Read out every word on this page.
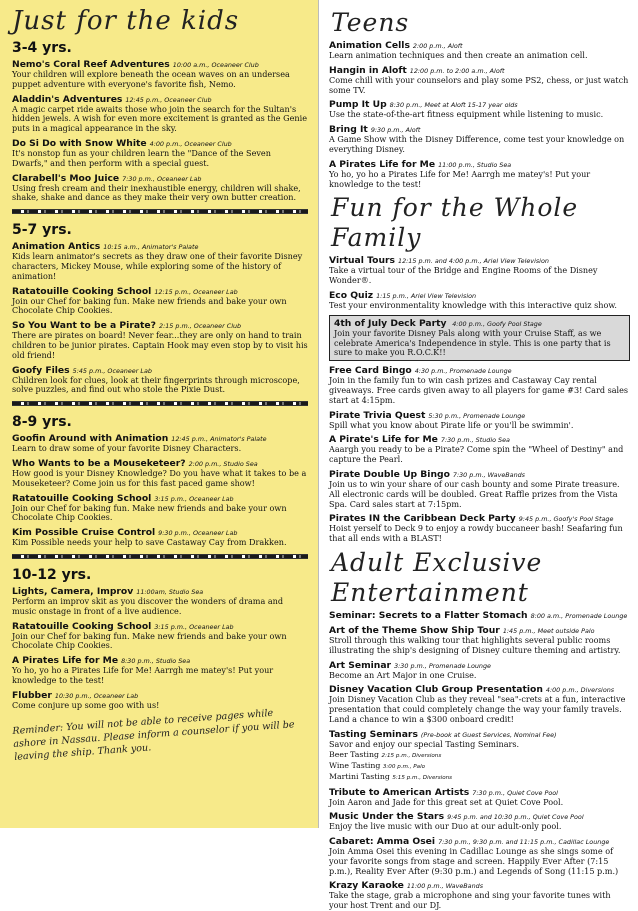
Just for the kids
3-4 yrs.
Nemo's Coral Reef Adventures 10:00 a.m., Oceaneer Club
Your children will explore beneath the ocean waves on an undersea puppet adventure with everyone's favorite fish, Nemo.
Aladdin's Adventures 12:45 p.m., Oceaneer Club
A magic carpet ride awaits those who join the search for the Sultan's hidden jewels. A wish for even more excitement is granted as the Genie puts in a magical appearance in the sky.
Do Si Do with Snow White 4:00 p.m., Oceaneer Club
It's nonstop fun as your children learn the "Dance of the Seven Dwarfs," and then perform with a special guest.
Clarabell's Moo Juice 7:30 p.m., Oceaneer Lab
Using fresh cream and their inexhaustible energy, children will shake, shake, shake and dance as they make their very own butter creation.
5-7 yrs.
Animation Antics 10:15 a.m., Animator's Palate
Kids learn animator's secrets as they draw one of their favorite Disney characters, Mickey Mouse, while exploring some of the history of animation!
Ratatouille Cooking School 12:15 p.m., Oceaneer Lab
Join our Chef for baking fun. Make new friends and bake your own Chocolate Chip Cookies.
So You Want to be a Pirate? 2:15 p.m., Oceaneer Club
There are pirates on board! Never fear...they are only on hand to train children to be junior pirates. Captain Hook may even stop by to visit his old friend!
Goofy Files 5:45 p.m., Oceaneer Lab
Children look for clues, look at their fingerprints through microscope, solve puzzles, and find out who stole the Pixie Dust.
8-9 yrs.
Goofin Around with Animation 12:45 p.m., Animator's Palate
Learn to draw some of your favorite Disney Characters.
Who Wants to be a Mouseketeer? 2:00 p.m., Studio Sea
How good is your Disney Knowledge? Do you have what it takes to be a Mouseketeer? Come join us for this fast paced game show!
Ratatouille Cooking School 3:15 p.m., Oceaneer Lab
Join our Chef for baking fun. Make new friends and bake your own Chocolate Chip Cookies.
Kim Possible Cruise Control 9:30 p.m., Oceaneer Lab
Kim Possible needs your help to save Castaway Cay from Drakken.
10-12 yrs.
Lights, Camera, Improv 11:00am, Studio Sea
Perform an improv skit as you discover the wonders of drama and music onstage in front of a live audience.
Ratatouille Cooking School 3:15 p.m., Oceaneer Lab
Join our Chef for baking fun. Make new friends and bake your own Chocolate Chip Cookies.
A Pirates Life for Me 8:30 p.m., Studio Sea
Yo ho, yo ho a Pirates Life for Me! Aarrgh me matey's! Put your knowledge to the test!
Flubber 10:30 p.m., Oceaneer Lab
Come conjure up some goo with us!
Reminder: You will not be able to receive pages while ashore in Nassau. Please inform a counselor if you will be leaving the ship. Thank you.
Teens
Animation Cells 2:00 p.m., Aloft
Learn animation techniques and then create an animation cell.
Hangin in Aloft 12:00 p.m. to 2:00 a.m., Aloft
Come chill with your counselors and play some PS2, chess, or just watch some TV.
Pump It Up 8:30 p.m., Meet at Aloft 15-17 year olds
Use the state-of-the-art fitness equipment while listening to music.
Bring It 9:30 p.m., Aloft
A Game Show with the Disney Difference, come test your knowledge on everything Disney.
A Pirates Life for Me 11:00 p.m., Studio Sea
Yo ho, yo ho a Pirates Life for Me! Aarrgh me matey's! Put your knowledge to the test!
Fun for the Whole Family
Virtual Tours 12:15 p.m. and 4:00 p.m., Ariel View Television
Take a virtual tour of the Bridge and Engine Rooms of the Disney Wonder®.
Eco Quiz 1:15 p.m., Ariel View Television
Test your environmentality knowledge with this interactive quiz show.
4th of July Deck Party 4:00 p.m., Goofy Pool Stage
Join your favorite Disney Pals along with your Cruise Staff, as we celebrate America's Independence in style. This is one party that is sure to make you R.O.C.K!!
Free Card Bingo 4:30 p.m., Promenade Lounge
Join in the family fun to win cash prizes and Castaway Cay rental giveaways. Free cards given away to all players for game #3! Card sales start at 4:15pm.
Pirate Trivia Quest 5:30 p.m., Promenade Lounge
Spill what you know about Pirate life or you'll be swimmin'.
A Pirate's Life for Me 7:30 p.m., Studio Sea
Aaargh you ready to be a Pirate? Come spin the "Wheel of Destiny" and capture the Pearl.
Pirate Double Up Bingo 7:30 p.m., WaveBands
Join us to win your share of our cash bounty and some Pirate treasure. All electronic cards will be doubled. Great Raffle prizes from the Vista Spa. Card sales start at 7:15pm.
Pirates IN the Caribbean Deck Party 9:45 p.m., Goofy's Pool Stage
Hoist yerself to Deck 9 to enjoy a rowdy buccaneer bash! Seafaring fun that all ends with a BLAST!
Adult Exclusive Entertainment
Seminar: Secrets to a Flatter Stomach 8:00 a.m., Promenade Lounge
Art of the Theme Show Ship Tour 1:45 p.m., Meet outside Palo
Stroll through this walking tour that highlights several public rooms illustrating the ship's designing of Disney culture theming and artistry.
Art Seminar 3:30 p.m., Promenade Lounge
Become an Art Major in one Cruise.
Disney Vacation Club Group Presentation 4:00 p.m., Diversions
Join Disney Vacation Club as they reveal "sea"-crets at a fun, interactive presentation that could completely change the way your family travels. Land a chance to win a $300 onboard credit!
Tasting Seminars (Pre-book at Guest Services, Nominal Fee)
Savor and enjoy our special Tasting Seminars.
Beer Tasting 2:15 p.m., Diversions
Wine Tasting 3:00 p.m., Palo
Martini Tasting 5:15 p.m., Diversions
Tribute to American Artists 7:30 p.m., Quiet Cove Pool
Join Aaron and Jade for this great set at Quiet Cove Pool.
Music Under the Stars 9:45 p.m. and 10:30 p.m., Quiet Cove Pool
Enjoy the live music with our Duo at our adult-only pool.
Cabaret: Amma Osei 7:30 p.m., 9:30 p.m. and 11:15 p.m., Cadillac Lounge
Join Amma Osei this evening in Cadillac Lounge as she sings some of your favorite songs from stage and screen. Happily Ever After (7:15 p.m.), Reality Ever After (9:30 p.m.) and Legends of Song (11:15 p.m.)
Krazy Karaoke 11:00 p.m., WaveBands
Take the stage, grab a microphone and sing your favorite tunes with your host Trent and our DJ.
